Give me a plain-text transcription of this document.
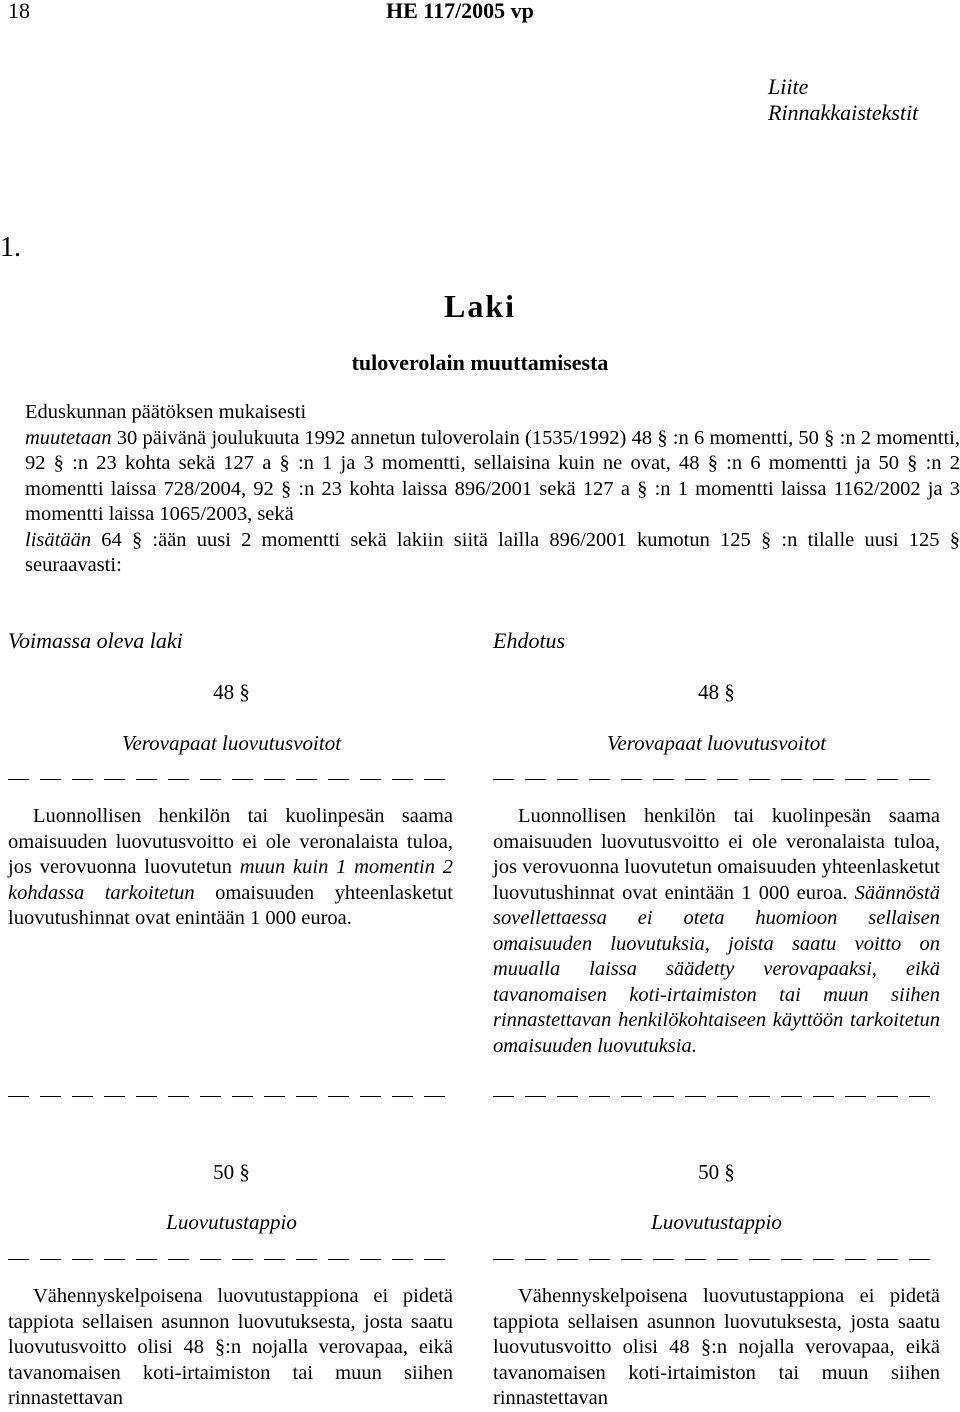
18	HE 117/2005 vp
Liite
Rinnakkaistekstit
1.
Laki
tuloverolain muuttamisesta

Eduskunnan päätöksen mukaisesti

muutetaan 30 päivänä joulukuuta 1992 annetun tuloverolain (1535/1992) 48 § :n 6 momentti, 50 § :n 2 momentti, 92 § :n 23 kohta sekä 127 a § :n 1 ja 3 momentti, sellaisina kuin ne ovat, 48 § :n 6 momentti ja 50 § :n 2 momentti laissa 728/2004, 92 § :n 23 kohta laissa 896/2001 sekä 127 a § :n 1 momentti laissa 1162/2002 ja 3 momentti laissa 1065/2003, sekä

lisätään 64 § :ään uusi 2 momentti sekä lakiin siitä lailla 896/2001 kumotun 125 § :n tilalle uusi 125 § seuraavasti:

Voimassa oleva laki	Ehdotus
48 §	48 §
Verovapaat luovutusvoitot	Verovapaat luovutusvoitot
Luonnollisen henkilön tai kuolinpesän saama omaisuuden luovutusvoitto ei ole veronalaista tuloa, jos verovuonna luovutetun muun kuin 1 momentin 2 kohdassa tarkoitetun omaisuuden yhteenlasketut luovutushinnat ovat enintään 1 000 euroa.
Luonnollisen henkilön tai kuolinpesän saama omaisuuden luovutusvoitto ei ole veronalaista tuloa, jos verovuonna luovutetun omaisuuden yhteenlasketut luovutushinnat ovat enintään 1 000 euroa. Säännöstä sovellettaessa ei oteta huomioon sellaisen omaisuuden luovutuksia, joista saatu voitto on muualla laissa säädetty verovapaaksi, eikä tavanomaisen koti-irtaimiston tai muun siihen rinnastettavan henkilökohtaiseen käyttöön tarkoitetun omaisuuden luovutuksia.
50 §	50 §
Luovutustappio	Luovutustappio
Vähennyskelpoisena luovutustappiona ei pidetä tappiota sellaisen asunnon luovutuksesta, josta saatu luovutusvoitto olisi 48 §:n nojalla verovapaa, eikä tavanomaisen koti-irtaimiston tai muun siihen rinnastettavan
Vähennyskelpoisena luovutustappiona ei pidetä tappiota sellaisen asunnon luovutuksesta, josta saatu luovutusvoitto olisi 48 §:n nojalla verovapaa, eikä tavanomaisen koti-irtaimiston tai muun siihen rinnastettavan
